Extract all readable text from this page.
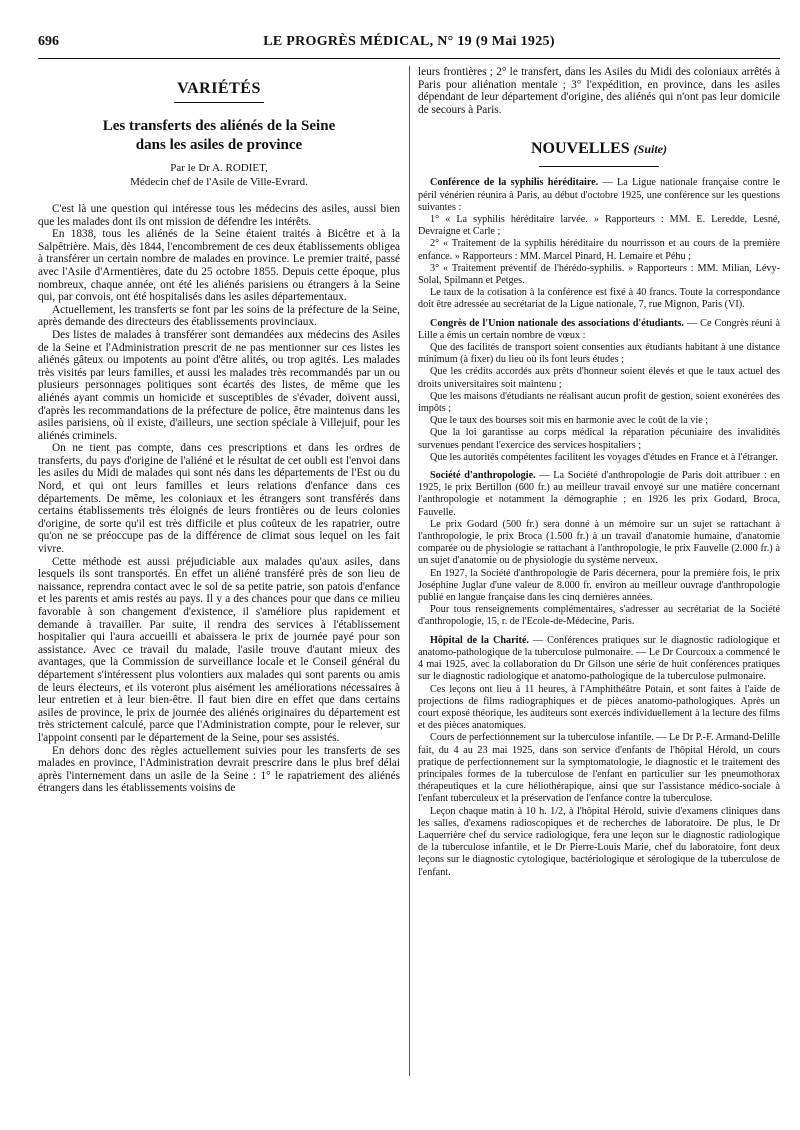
696	LE PROGRÈS MÉDICAL, N° 19 (9 Mai 1925)
VARIÉTÉS
Les transferts des aliénés de la Seine
dans les asiles de province
Par le Dr A. RODIET,
Médecin chef de l'Asile de Ville-Evrard.

C'est là une question qui intéresse tous les médecins des asiles, aussi bien que les malades dont ils ont mission de défendre les intérêts.

En 1838, tous les aliénés de la Seine étaient traités à Bicêtre et à la Salpêtrière. Mais, dès 1844, l'encombrement de ces deux établissements obligea à transférer un certain nombre de malades en province. Le premier traité, passé avec l'Asile d'Armentières, date du 25 octobre 1855. Depuis cette époque, plus nombreux, chaque année, ont été les aliénés parisiens ou étrangers à la Seine qui, par convois, ont été hospitalisés dans les asiles départementaux.

Actuellement, les transferts se font par les soins de la préfecture de la Seine, après demande des directeurs des établissements provinciaux.

Des listes de malades à transférer sont demandées aux médecins des Asiles de la Seine et l'Administration prescrit de ne pas mentionner sur ces listes les aliénés gâteux ou impotents au point d'être alités, ou trop agités. Les malades très visités par leurs familles, et aussi les malades très recommandés par un ou plusieurs personnages politiques sont écartés des listes, de même que les aliénés ayant commis un homicide et susceptibles de s'évader, doivent aussi, d'après les recommandations de la préfecture de police, être maintenus dans les asiles parisiens, où il existe, d'ailleurs, une section spéciale à Villejuif, pour les aliénés criminels.

On ne tient pas compte, dans ces prescriptions et dans les ordres de transferts, du pays d'origine de l'aliéné et le résultat de cet oubli est l'envoi dans les asiles du Midi de malades qui sont nés dans les départements de l'Est ou du Nord, et qui ont leurs familles et leurs relations d'enfance dans ces départements. De même, les coloniaux et les étrangers sont transférés dans certains établissements très éloignés de leurs frontières ou de leurs colonies d'origine, de sorte qu'il est très difficile et plus coûteux de les rapatrier, outre qu'on ne se préoccupe pas de la différence de climat sous lequel on les fait vivre.

Cette méthode est aussi préjudiciable aux malades qu'aux asiles, dans lesquels ils sont transportés. En effet un aliéné transféré près de son lieu de naissance, reprendra contact avec le sol de sa petite patrie, son patois d'enfance et les parents et amis restés au pays. Il y a des chances pour que dans ce milieu favorable à son changement d'existence, il s'améliore plus rapidement et demande à travailler. Par suite, il rendra des services à l'établissement hospitalier qui l'aura accueilli et abaissera le prix de journée payé pour son assistance. Avec ce travail du malade, l'asile trouve d'autant mieux des avantages, que la Commission de surveillance locale et le Conseil général du département s'intéressent plus volontiers aux malades qui sont parents ou amis de leurs électeurs, et ils voteront plus aisément les améliorations nécessaires à leur entretien et à leur bien-être. Il faut bien dire en effet que dans certains asiles de province, le prix de journée des aliénés originaires du département est très strictement calculé, parce que l'Administration compte, pour le relever, sur l'appoint consenti par le département de la Seine, pour ses assistés.

En dehors donc des règles actuellement suivies pour les transferts de ses malades en province, l'Administration devrait prescrire dans le plus bref délai après l'internement dans un asile de la Seine : 1° le rapatriement des aliénés étrangers dans les établissements voisins de

leurs frontières ; 2° le transfert, dans les Asiles du Midi des coloniaux arrêtés à Paris pour aliénation mentale ; 3° l'expédition, en province, dans les asiles dépendant de leur département d'origine, des aliénés qui n'ont pas leur domicile de secours à Paris.

NOUVELLES (Suite)

Conférence de la syphilis héréditaire. — La Ligue nationale française contre le péril vénérien réunira à Paris, au début d'octobre 1925, une conférence sur les questions suivantes :

1° « La syphilis héréditaire larvée. » Rapporteurs : MM. E. Leredde, Lesné, Devraigne et Carle ;

2° « Traitement de la syphilis héréditaire du nourrisson et au cours de la première enfance. » Rapporteurs : MM. Marcel Pinard, H. Lemaire et Péhu ;

3° « Traitement préventif de l'hérédo-syphilis. » Rapporteurs : MM. Milian, Lévy-Solal, Spilmann et Petges.

Le taux de la cotisation à la conférence est fixé à 40 francs. Toute la correspondance doit être adressée au secrétariat de la Ligue nationale, 7, rue Mignon, Paris (VI).

Congrès de l'Union nationale des associations d'étudiants. — Ce Congrès réuni à Lille a émis un certain nombre de vœux :

Que des facilités de transport soient consenties aux étudiants habitant à une distance minimum (à fixer) du lieu où ils font leurs études ;

Que les crédits accordés aux prêts d'honneur soient élevés et que le taux actuel des droits universitaires soit maintenu ;

Que les maisons d'étudiants ne réalisant aucun profit de gestion, soient exonérées des impôts ;

Que le taux des bourses soit mis en harmonie avec le coût de la vie ;

Que la loi garantisse au corps médical la réparation pécuniaire des invalidités survenues pendant l'exercice des services hospitaliers ;

Que les autorités compétentes facilitent les voyages d'études en France et à l'étranger.

Société d'anthropologie. — La Société d'anthropologie de Paris doit attribuer : en 1925, le prix Bertillon (600 fr.) au meilleur travail envoyé sur une matière concernant l'anthropologie et notamment la démographie ; en 1926 les prix Godard, Broca, Fauvelle.

Le prix Godard (500 fr.) sera donné à un mémoire sur un sujet se rattachant à l'anthropologie, le prix Broca (1.500 fr.) à un travail d'anatomie humaine, d'anatomie comparée ou de physiologie se rattachant à l'anthropologie, le prix Fauvelle (2.000 fr.) à un sujet d'anatomie ou de physiologie du système nerveux.

En 1927, la Société d'anthropologie de Paris décernera, pour la première fois, le prix Joséphine Juglar d'une valeur de 8.000 fr. environ au meilleur ouvrage d'anthropologie publié en langue française dans les cinq dernières années.

Pour tous renseignements complémentaires, s'adresser au secrétariat de la Société d'anthropologie, 15, r. de l'Ecole-de-Médecine, Paris.

Hôpital de la Charité. — Conférences pratiques sur le diagnostic radiologique et anatomo-pathologique de la tuberculose pulmonaire. — Le Dr Courcoux a commencé le 4 mai 1925, avec la collaboration du Dr Gilson une série de huit conférences pratiques sur le diagnostic radiologique et anatomo-pathologique de la tuberculose pulmonaire.

Ces leçons ont lieu à 11 heures, à l'Amphithéâtre Potain, et sont faites à l'aide de projections de films radiographiques et de pièces anatomo-pathologiques. Après un court exposé théorique, les auditeurs sont exercés individuellement à la lecture des films et des pièces anatomiques.

Cours de perfectionnement sur la tuberculose infantile. — Le Dr P.-F. Armand-Delille fait, du 4 au 23 mai 1925, dans son service d'enfants de l'hôpital Hérold, un cours pratique de perfectionnement sur la symptomatologie, le diagnostic et le traitement des principales formes de la tuberculose de l'enfant en particulier sur les pneumothorax thérapeutiques et la cure héliothérapique, ainsi que sur l'assistance médico-sociale à l'enfant tuberculeux et la préservation de l'enfance contre la tuberculose.

Leçon chaque matin à 10 h. 1/2, à l'hôpital Hérold, suivie d'examens cliniques dans les salles, d'examens radioscopiques et de recherches de laboratoire. De plus, le Dr Laquerrière chef du service radiologique, fera une leçon sur le diagnostic radiologique de la tuberculose infantile, et le Dr Pierre-Louis Marie, chef du laboratoire, font deux leçons sur le diagnostic cytologique, bactériologique et sérologique de la tuberculose de l'enfant.
